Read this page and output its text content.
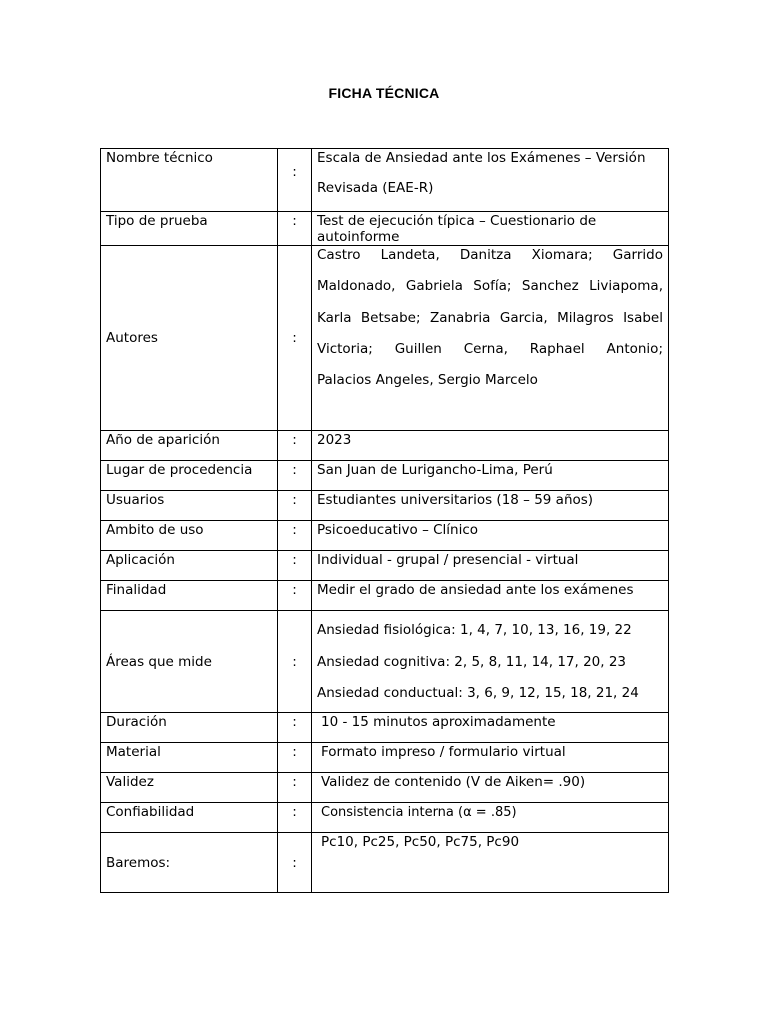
FICHA TÉCNICA
Nombre técnico	:	Escala de Ansiedad ante los Exámenes – Versión
Revisada (EAE-R)

Tipo de prueba	:	Test de ejecución típica – Cuestionario de autoinforme
Autores	:	Castro Landeta, Danitza Xiomara; Garrido
Maldonado, Gabriela Sofía; Sanchez Liviapoma,
Karla Betsabe; Zanabria Garcia, Milagros Isabel
Victoria; Guillen Cerna, Raphael Antonio;
Palacios Angeles, Sergio Marcelo

Año de aparición	:	2023
Lugar de procedencia	:	San Juan de Lurigancho-Lima, Perú
Usuarios	:	Estudiantes universitarios (18 – 59 años)
Ambito de uso	:	Psicoeducativo – Clínico
Aplicación	:	Individual - grupal / presencial - virtual
Finalidad	:	Medir el grado de ansiedad ante los exámenes
Áreas que mide	:	Ansiedad fisiológica: 1, 4, 7, 10, 13, 16, 19, 22
Ansiedad cognitiva: 2, 5, 8, 11, 14, 17, 20, 23
Ansiedad conductual: 3, 6, 9, 12, 15, 18, 21, 24

Duración	:	10 - 15 minutos aproximadamente
Material	:	Formato impreso / formulario virtual
Validez	:	Validez de contenido (V de Aiken= .90)
Confiabilidad	:	Consistencia interna (α = .85)
Baremos:	:	Pc10, Pc25, Pc50, Pc75, Pc90
